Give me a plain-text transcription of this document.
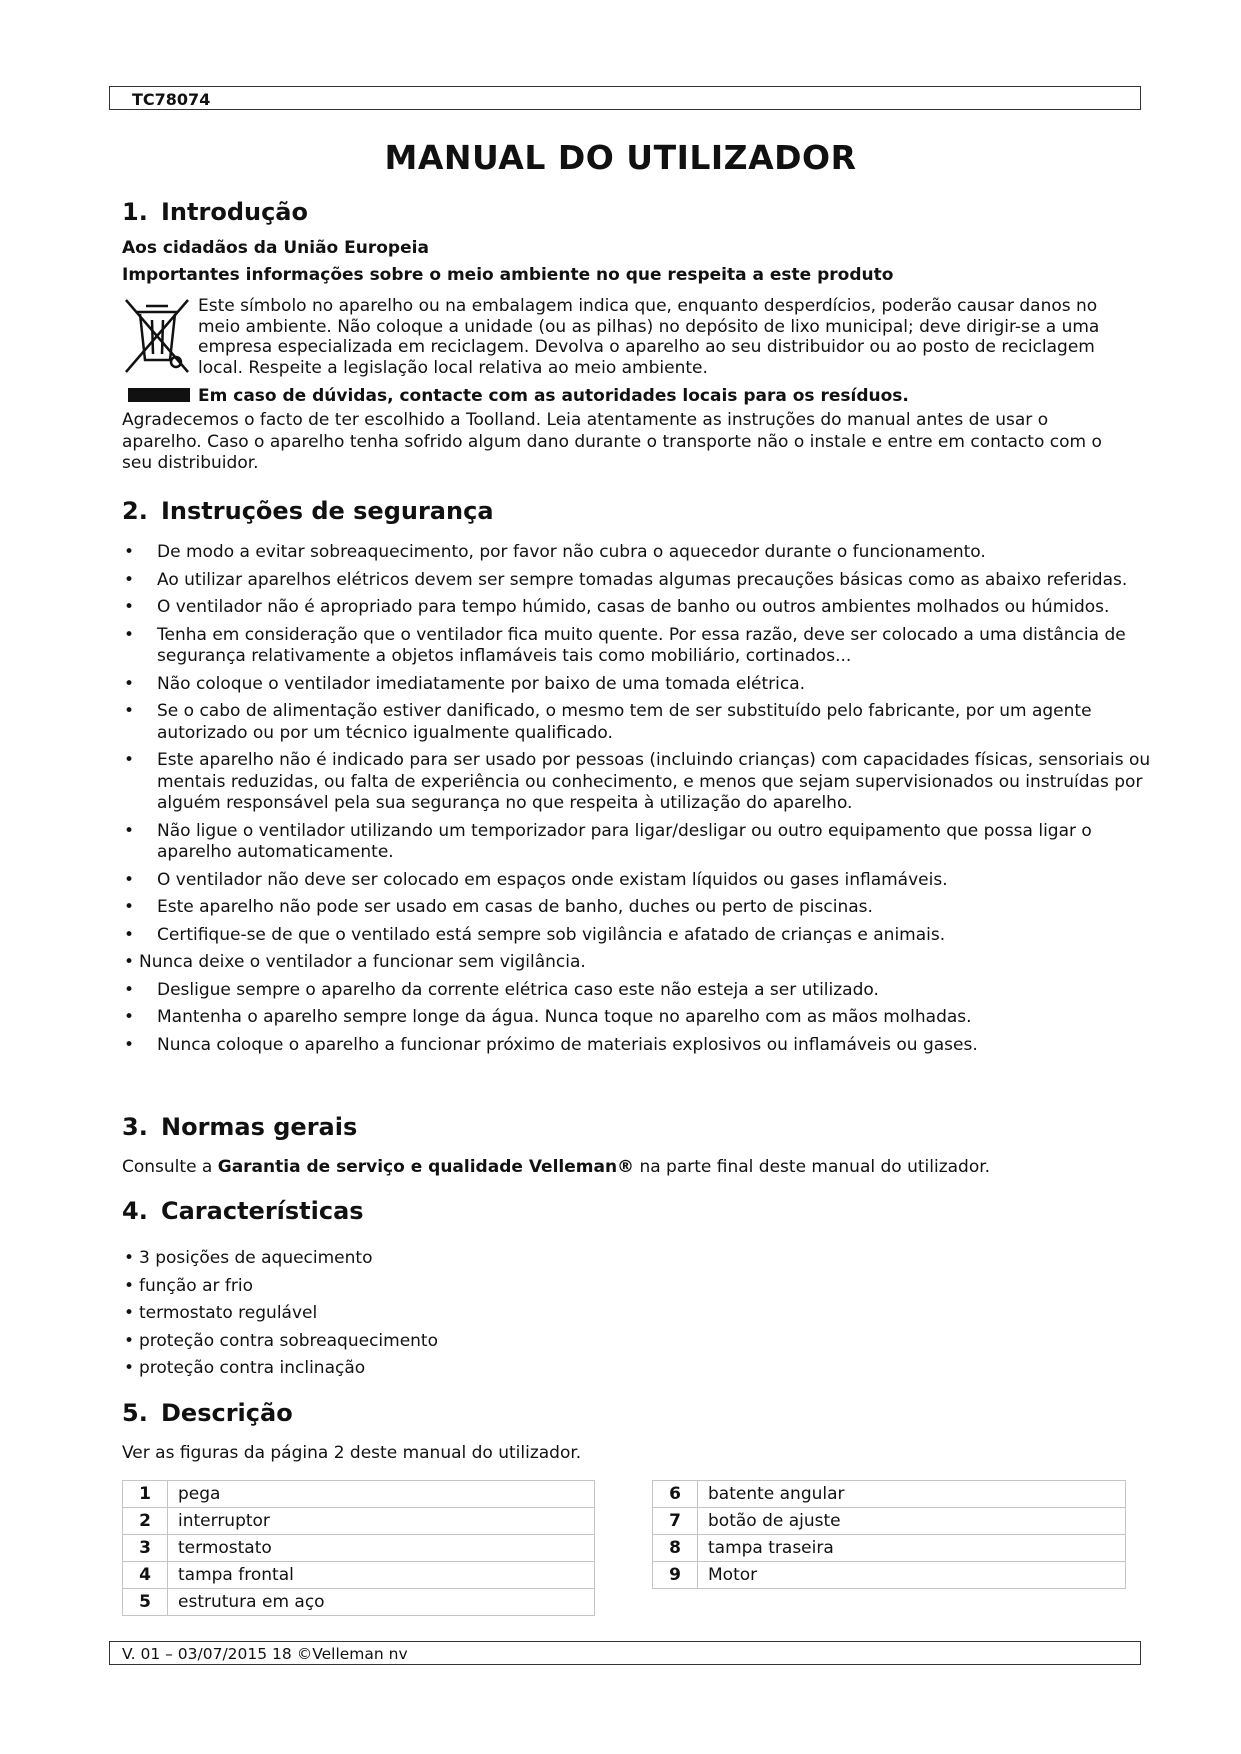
TC78074
MANUAL DO UTILIZADOR
1. Introdução
Aos cidadãos da União Europeia
Importantes informações sobre o meio ambiente no que respeita a este produto
Este símbolo no aparelho ou na embalagem indica que, enquanto desperdícios, poderão causar danos no meio ambiente. Não coloque a unidade (ou as pilhas) no depósito de lixo municipal; deve dirigir-se a uma empresa especializada em reciclagem. Devolva o aparelho ao seu distribuidor ou ao posto de reciclagem local. Respeite a legislação local relativa ao meio ambiente.
Em caso de dúvidas, contacte com as autoridades locais para os resíduos.
Agradecemos o facto de ter escolhido a Toolland. Leia atentamente as instruções do manual antes de usar o aparelho. Caso o aparelho tenha sofrido algum dano durante o transporte não o instale e entre em contacto com o seu distribuidor.
2. Instruções de segurança
• De modo a evitar sobreaquecimento, por favor não cubra o aquecedor durante o funcionamento.
• Ao utilizar aparelhos elétricos devem ser sempre tomadas algumas precauções básicas como as abaixo referidas.
• O ventilador não é apropriado para tempo húmido, casas de banho ou outros ambientes molhados ou húmidos.
• Tenha em consideração que o ventilador fica muito quente. Por essa razão, deve ser colocado a uma distância de segurança relativamente a objetos inflamáveis tais como mobiliário, cortinados...
• Não coloque o ventilador imediatamente por baixo de uma tomada elétrica.
• Se o cabo de alimentação estiver danificado, o mesmo tem de ser substituído pelo fabricante, por um agente autorizado ou por um técnico igualmente qualificado.
• Este aparelho não é indicado para ser usado por pessoas (incluindo crianças) com capacidades físicas, sensoriais ou mentais reduzidas, ou falta de experiência ou conhecimento, e menos que sejam supervisionados ou instruídas por alguém responsável pela sua segurança no que respeita à utilização do aparelho.
• Não ligue o ventilador utilizando um temporizador para ligar/desligar ou outro equipamento que possa ligar o aparelho automaticamente.
• O ventilador não deve ser colocado em espaços onde existam líquidos ou gases inflamáveis.
• Este aparelho não pode ser usado em casas de banho, duches ou perto de piscinas.
• Certifique-se de que o ventilado está sempre sob vigilância e afatado de crianças e animais.
• Nunca deixe o ventilador a funcionar sem vigilância.
• Desligue sempre o aparelho da corrente elétrica caso este não esteja a ser utilizado.
• Mantenha o aparelho sempre longe da água. Nunca toque no aparelho com as mãos molhadas.
• Nunca coloque o aparelho a funcionar próximo de materiais explosivos ou inflamáveis ou gases.
3. Normas gerais
Consulte a Garantia de serviço e qualidade Velleman® na parte final deste manual do utilizador.
4. Características
• 3 posições de aquecimento
• função ar frio
• termostato regulável
• proteção contra sobreaquecimento
• proteção contra inclinação
5. Descrição
Ver as figuras da página 2 deste manual do utilizador.
1	pega
2	interruptor
3	termostato
4	tampa frontal
5	estrutura em aço
6	batente angular
7	botão de ajuste
8	tampa traseira
9	Motor
V. 01 – 03/07/2015 18 ©Velleman nv
